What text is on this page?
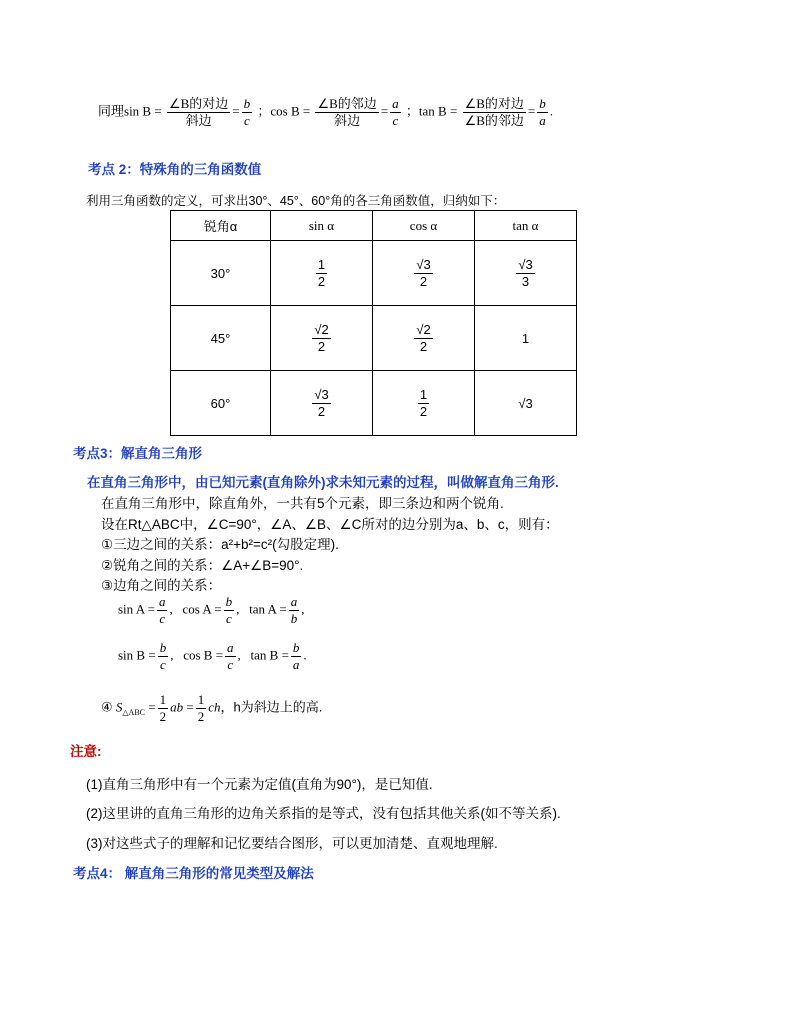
同理$\sin B = \frac{\text{∠B的对边}}{\text{斜边}} = \frac{b}{c}$ ；$\cos B = \frac{\text{∠B的邻边}}{\text{斜边}} = \frac{a}{c}$ ；$\tan B = \frac{\text{∠B的对边}}{\text{∠B的邻边}} = \frac{b}{a}$ .
考点 2：特殊角的三角函数值
利用三角函数的定义，可求出30°、45°、60°角的各三角函数值，归纳如下：
锐角α	sin α	cos α	tan α
30°	$\frac{1}{2}$	$\frac{√3}{2}$	$\frac{√3}{3}$

45°	$\frac{√2}{2}$	$\frac{√2}{2}$	1
60°	$\frac{√3}{2}$	$\frac{1}{2}$	√3
考点3：解直角三角形
在直角三角形中，由已知元素(直角除外)求未知元素的过程，叫做解直角三角形.
在直角三角形中，除直角外，一共有5个元素，即三条边和两个锐角.
设在Rt△ABC中，∠C=90°，∠A、∠B、∠C所对的边分别为a、b、c，则有：
①三边之间的关系：a²+b²=c²(勾股定理).
②锐角之间的关系：∠A+∠B=90°.
③边角之间的关系：
$\sin A = \frac{a}{c}$ , $\cos A = \frac{b}{c}$ , $\tan A = \frac{a}{b}$ ,
$\sin B = \frac{b}{c}$ , $\cos B = \frac{a}{c}$ , $\tan B = \frac{b}{a}$ .
④ $S_{\triangle ABC} = \frac{1}{2}$ ab = $\frac{1}{2}$ ch，h为斜边上的高.
注意:
(1)直角三角形中有一个元素为定值(直角为90°)，是已知值.
(2)这里讲的直角三角形的边角关系指的是等式，没有包括其他关系(如不等关系).
(3)对这些式子的理解和记忆要结合图形，可以更加清楚、直观地理解.
考点4： 解直角三角形的常见类型及解法
